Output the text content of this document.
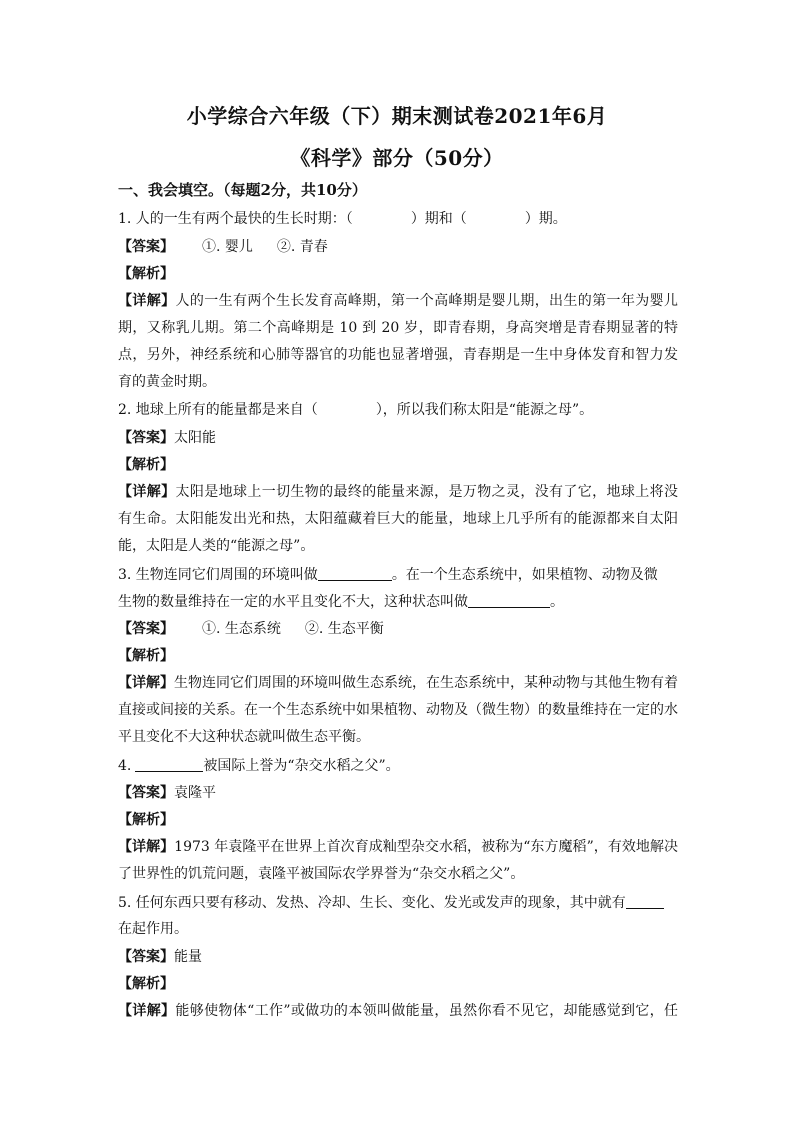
小学综合六年级（下）期末测试卷2021年6月
《科学》部分（50分）
一、我会填空。（每题2分，共10分）
1. 人的一生有两个最快的生长时期：（	）期和（	）期。
【答案】 ①. 婴儿 ②. 青春
【解析】
【详解】人的一生有两个生长发育高峰期，第一个高峰期是婴儿期，出生的第一年为婴儿
期，又称乳儿期。第二个高峰期是 10 到 20 岁，即青春期，身高突增是青春期显著的特
点，另外，神经系统和心肺等器官的功能也显著增强，青春期是一生中身体发育和智力发
育的黄金时期。
2. 地球上所有的能量都是来自（	），所以我们称太阳是“能源之母”。
【答案】太阳能
【解析】
【详解】太阳是地球上一切生物的最终的能量来源，是万物之灵，没有了它，地球上将没
有生命。太阳能发出光和热，太阳蕴藏着巨大的能量，地球上几乎所有的能源都来自太阳
能，太阳是人类的“能源之母”。
3. 生物连同它们周围的环境叫做	。在一个生态系统中，如果植物、动物及微
生物的数量维持在一定的水平且变化不大，这种状态叫做	。
【答案】 ①. 生态系统 ②. 生态平衡
【解析】
【详解】生物连同它们周围的环境叫做生态系统，在生态系统中，某种动物与其他生物有着
直接或间接的关系。在一个生态系统中如果植物、动物及（微生物）的数量维持在一定的水
平且变化不大这种状态就叫做生态平衡。
4.	被国际上誉为“杂交水稻之父”。
【答案】袁隆平
【解析】
【详解】1973 年袁隆平在世界上首次育成籼型杂交水稻，被称为“东方魔稻”，有效地解决
了世界性的饥荒问题，袁隆平被国际农学界誉为“杂交水稻之父”。
5. 任何东西只要有移动、发热、冷却、生长、变化、发光或发声的现象，其中就有
在起作用。
【答案】能量
【解析】
【详解】能够使物体“工作”或做功的本领叫做能量，虽然你看不见它，却能感觉到它，任
